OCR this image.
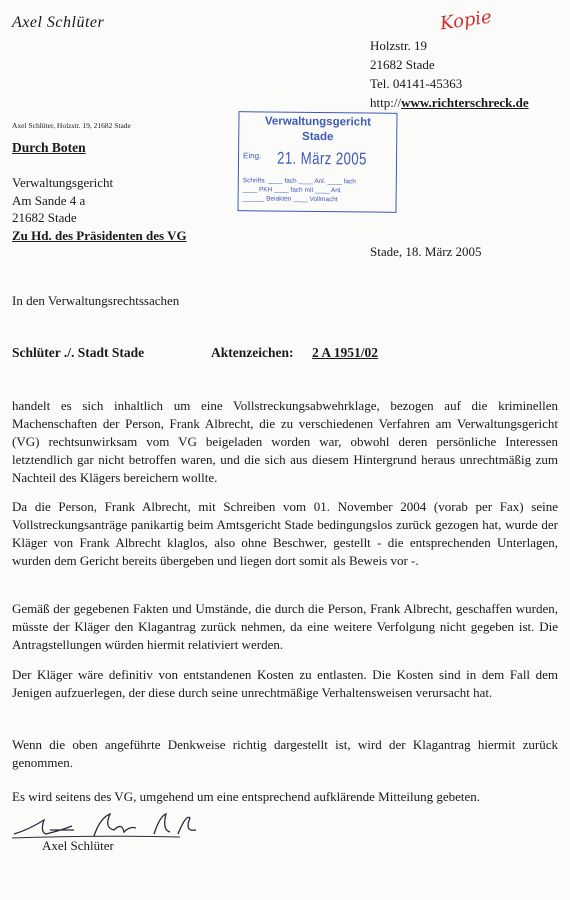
Axel Schlüter	Kopie
Holzstr. 19
21682 Stade
Tel. 04141-45363
http://www.richterschreck.de
Axel Schlüter, Holzstr. 19, 21682 Stade	Verwaltungsgericht
Stade
Eing. 21. März 2005
Schrifts. ____ fach ____ Anl. ____ fach
____ PKH ____ fach mit ____ Anl.
______ Beiakten ____ Vollmacht
Durch Boten
Verwaltungsgericht
Am Sande 4 a
21682 Stade
Zu Hd. des Präsidenten des VG
Stade, 18. März 2005
In den Verwaltungsrechtssachen
Schlüter ./. Stadt Stade	Aktenzeichen: 2 A 1951/02
handelt es sich inhaltlich um eine Vollstreckungsabwehrklage, bezogen auf die kriminellen Machenschaften der Person, Frank Albrecht, die zu verschiedenen Verfahren am Verwaltungsgericht (VG) rechtsunwirksam vom VG beigeladen worden war, obwohl deren persönliche Interessen letztendlich gar nicht betroffen waren, und die sich aus diesem Hintergrund heraus unrechtmäßig zum Nachteil des Klägers bereichern wollte.
Da die Person, Frank Albrecht, mit Schreiben vom 01. November 2004 (vorab per Fax) seine Vollstreckungsanträge panikartig beim Amtsgericht Stade bedingungslos zurück gezogen hat, wurde der Kläger von Frank Albrecht klaglos, also ohne Beschwer, gestellt - die entsprechenden Unterlagen, wurden dem Gericht bereits übergeben und liegen dort somit als Beweis vor -.
Gemäß der gegebenen Fakten und Umstände, die durch die Person, Frank Albrecht, geschaffen wurden, müsste der Kläger den Klagantrag zurück nehmen, da eine weitere Verfolgung nicht gegeben ist. Die Antragstellungen würden hiermit relativiert werden.
Der Kläger wäre definitiv von entstandenen Kosten zu entlasten. Die Kosten sind in dem Fall dem Jenigen aufzuerlegen, der diese durch seine unrechtmäßige Verhaltensweisen verursacht hat.
Wenn die oben angeführte Denkweise richtig dargestellt ist, wird der Klagantrag hiermit zurück genommen.
Es wird seitens des VG, umgehend um eine entsprechend aufklärende Mitteilung gebeten.
Axel Schlüter
